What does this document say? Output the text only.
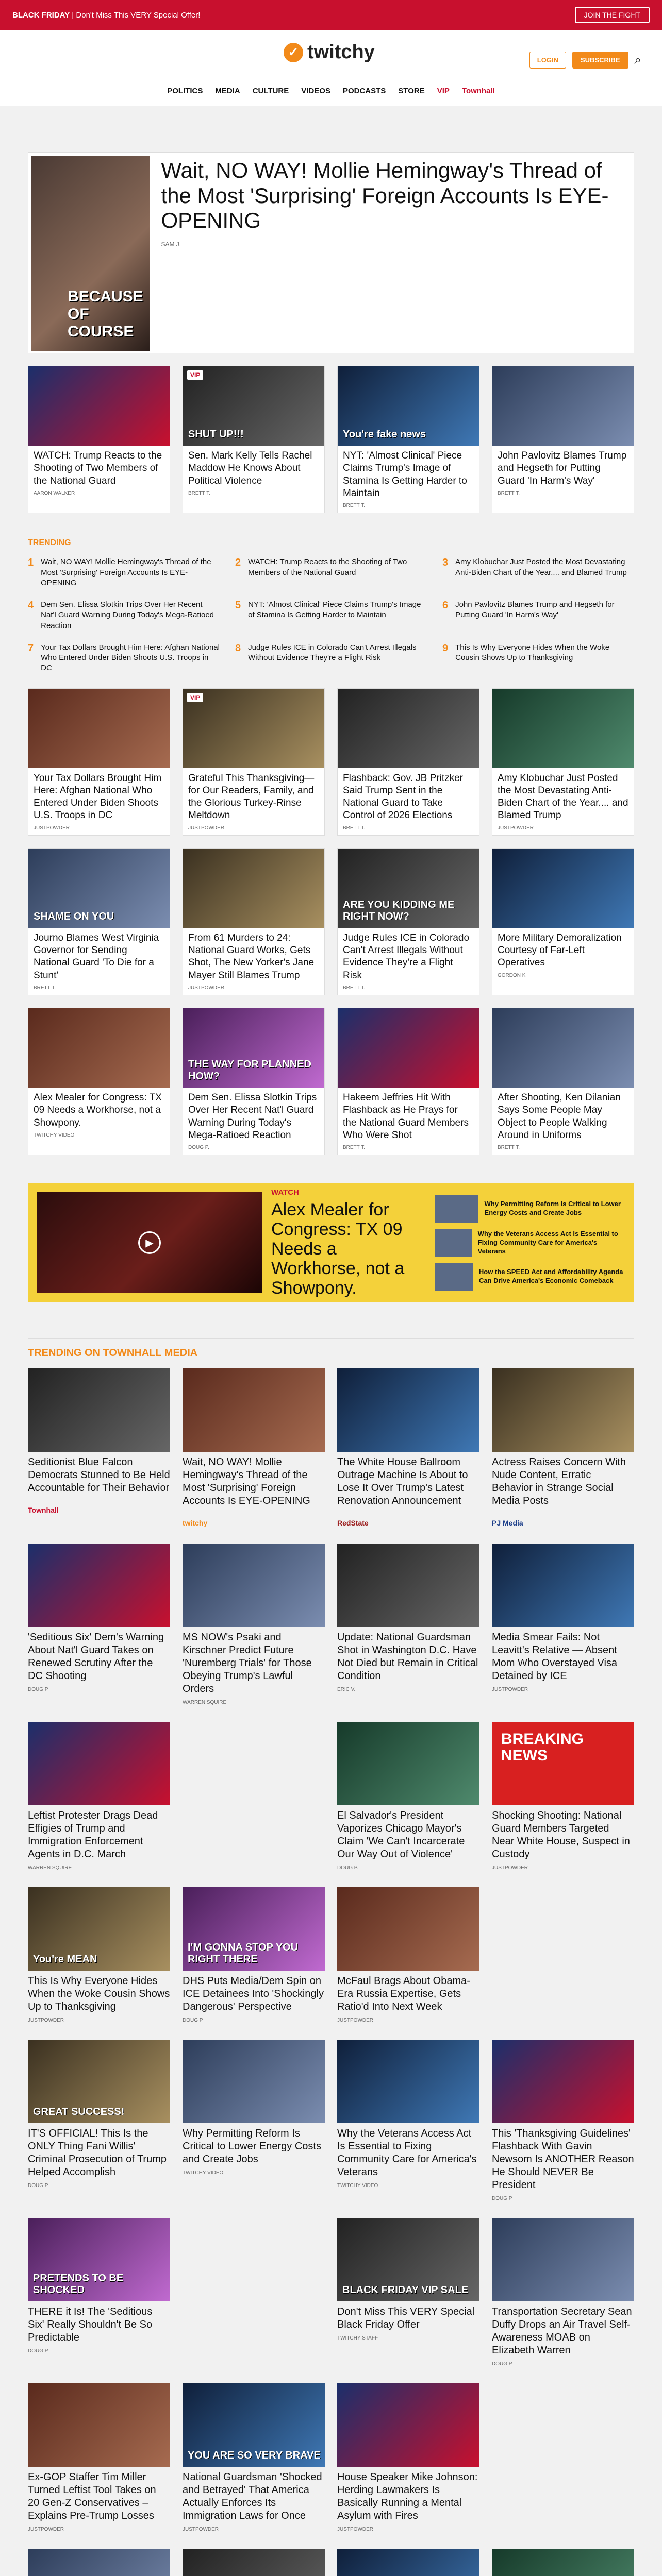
BLACK FRIDAY | Don't Miss This VERY Special Offer!	JOIN THE FIGHT
✓ twitchy	LOGIN	SUBSCRIBE	⌕
POLITICS MEDIA CULTURE VIDEOS PODCASTS STORE VIP Townhall
BECAUSE OF COURSE
Wait, NO WAY! Mollie Hemingway's Thread of the Most 'Surprising' Foreign Accounts Is EYE-OPENING
SAM J.
WATCH: Trump Reacts to the Shooting of Two Members of the National Guard
AARON WALKER
VIP
SHUT UP!!!
Sen. Mark Kelly Tells Rachel Maddow He Knows About Political Violence
BRETT T.
You're fake news
NYT: 'Almost Clinical' Piece Claims Trump's Image of Stamina Is Getting Harder to Maintain
BRETT T.
John Pavlovitz Blames Trump and Hegseth for Putting Guard 'In Harm's Way'
BRETT T.
TRENDING
1 Wait, NO WAY! Mollie Hemingway's Thread of the Most 'Surprising' Foreign Accounts Is EYE-OPENING
2 WATCH: Trump Reacts to the Shooting of Two Members of the National Guard
3 Amy Klobuchar Just Posted the Most Devastating Anti-Biden Chart of the Year.... and Blamed Trump
4 Dem Sen. Elissa Slotkin Trips Over Her Recent Nat'l Guard Warning During Today's Mega-Ratioed Reaction
5 NYT: 'Almost Clinical' Piece Claims Trump's Image of Stamina Is Getting Harder to Maintain
6 John Pavlovitz Blames Trump and Hegseth for Putting Guard 'In Harm's Way'
7 Your Tax Dollars Brought Him Here: Afghan National Who Entered Under Biden Shoots U.S. Troops in DC
8 Judge Rules ICE in Colorado Can't Arrest Illegals Without Evidence They're a Flight Risk
9 This Is Why Everyone Hides When the Woke Cousin Shows Up to Thanksgiving
Your Tax Dollars Brought Him Here: Afghan National Who Entered Under Biden Shoots U.S. Troops in DC
JUSTPOWDER
VIP
Grateful This Thanksgiving—for Our Readers, Family, and the Glorious Turkey-Rinse Meltdown
JUSTPOWDER
Flashback: Gov. JB Pritzker Said Trump Sent in the National Guard to Take Control of 2026 Elections
BRETT T.
Amy Klobuchar Just Posted the Most Devastating Anti-Biden Chart of the Year.... and Blamed Trump
JUSTPOWDER
SHAME ON YOU
Journo Blames West Virginia Governor for Sending National Guard 'To Die for a Stunt'
BRETT T.
From 61 Murders to 24: National Guard Works, Gets Shot, The New Yorker's Jane Mayer Still Blames Trump
JUSTPOWDER
ARE YOU KIDDING ME RIGHT NOW?
Judge Rules ICE in Colorado Can't Arrest Illegals Without Evidence They're a Flight Risk
BRETT T.
More Military Demoralization Courtesy of Far-Left Operatives
GORDON K
Alex Mealer for Congress: TX 09 Needs a Workhorse, not a Showpony.
TWITCHY VIDEO
THE WAY FOR PLANNED HOW?
Dem Sen. Elissa Slotkin Trips Over Her Recent Nat'l Guard Warning During Today's Mega-Ratioed Reaction
DOUG P.
Hakeem Jeffries Hit With Flashback as He Prays for the National Guard Members Who Were Shot
BRETT T.
After Shooting, Ken Dilanian Says Some People May Object to People Walking Around in Uniforms
BRETT T.
▶
WATCH
Alex Mealer for Congress: TX 09 Needs a Workhorse, not a Showpony.
Why Permitting Reform Is Critical to Lower Energy Costs and Create Jobs
Why the Veterans Access Act Is Essential to Fixing Community Care for America's Veterans
How the SPEED Act and Affordability Agenda Can Drive America's Economic Comeback
TRENDING ON TOWNHALL MEDIA
Seditionist Blue Falcon Democrats Stunned to Be Held Accountable for Their Behavior
Townhall
Wait, NO WAY! Mollie Hemingway's Thread of the Most 'Surprising' Foreign Accounts Is EYE-OPENING
twitchy
The White House Ballroom Outrage Machine Is About to Lose It Over Trump's Latest Renovation Announcement
RedState
Actress Raises Concern With Nude Content, Erratic Behavior in Strange Social Media Posts
PJ Media
'Seditious Six' Dem's Warning About Nat'l Guard Takes on Renewed Scrutiny After the DC Shooting
DOUG P.
MS NOW's Psaki and Kirschner Predict Future 'Nuremberg Trials' for Those Obeying Trump's Lawful Orders
WARREN SQUIRE
Update: National Guardsman Shot in Washington D.C. Have Not Died but Remain in Critical Condition
ERIC V.
Media Smear Fails: Not Leavitt's Relative — Absent Mom Who Overstayed Visa Detained by ICE
JUSTPOWDER
Leftist Protester Drags Dead Effigies of Trump and Immigration Enforcement Agents in D.C. March
WARREN SQUIRE
El Salvador's President Vaporizes Chicago Mayor's Claim 'We Can't Incarcerate Our Way Out of Violence'
DOUG P.
BREAKING NEWS
Shocking Shooting: National Guard Members Targeted Near White House, Suspect in Custody
JUSTPOWDER
You're MEAN
This Is Why Everyone Hides When the Woke Cousin Shows Up to Thanksgiving
JUSTPOWDER
I'M GONNA STOP YOU RIGHT THERE
DHS Puts Media/Dem Spin on ICE Detainees Into 'Shockingly Dangerous' Perspective
DOUG P.
McFaul Brags About Obama-Era Russia Expertise, Gets Ratio'd Into Next Week
JUSTPOWDER
GREAT SUCCESS!
IT'S OFFICIAL! This Is the ONLY Thing Fani Willis' Criminal Prosecution of Trump Helped Accomplish
DOUG P.
Why Permitting Reform Is Critical to Lower Energy Costs and Create Jobs
TWITCHY VIDEO
Why the Veterans Access Act Is Essential to Fixing Community Care for America's Veterans
TWITCHY VIDEO
This 'Thanksgiving Guidelines' Flashback With Gavin Newsom Is ANOTHER Reason He Should NEVER Be President
DOUG P.
PRETENDS TO BE SHOCKED
THERE it Is! The 'Seditious Six' Really Shouldn't Be So Predictable
DOUG P.
BLACK FRIDAY VIP SALE
Don't Miss This VERY Special Black Friday Offer
TWITCHY STAFF
Transportation Secretary Sean Duffy Drops an Air Travel Self-Awareness MOAB on Elizabeth Warren
DOUG P.
Ex-GOP Staffer Tim Miller Turned Leftist Tool Takes on 20 Gen-Z Conservatives – Explains Pre-Trump Losses
JUSTPOWDER
YOU ARE SO VERY BRAVE
National Guardsman 'Shocked and Betrayed' That America Actually Enforces Its Immigration Laws for Once
JUSTPOWDER
House Speaker Mike Johnson: Herding Lawmakers Is Basically Running a Mental Asylum with Fires
JUSTPOWDER
